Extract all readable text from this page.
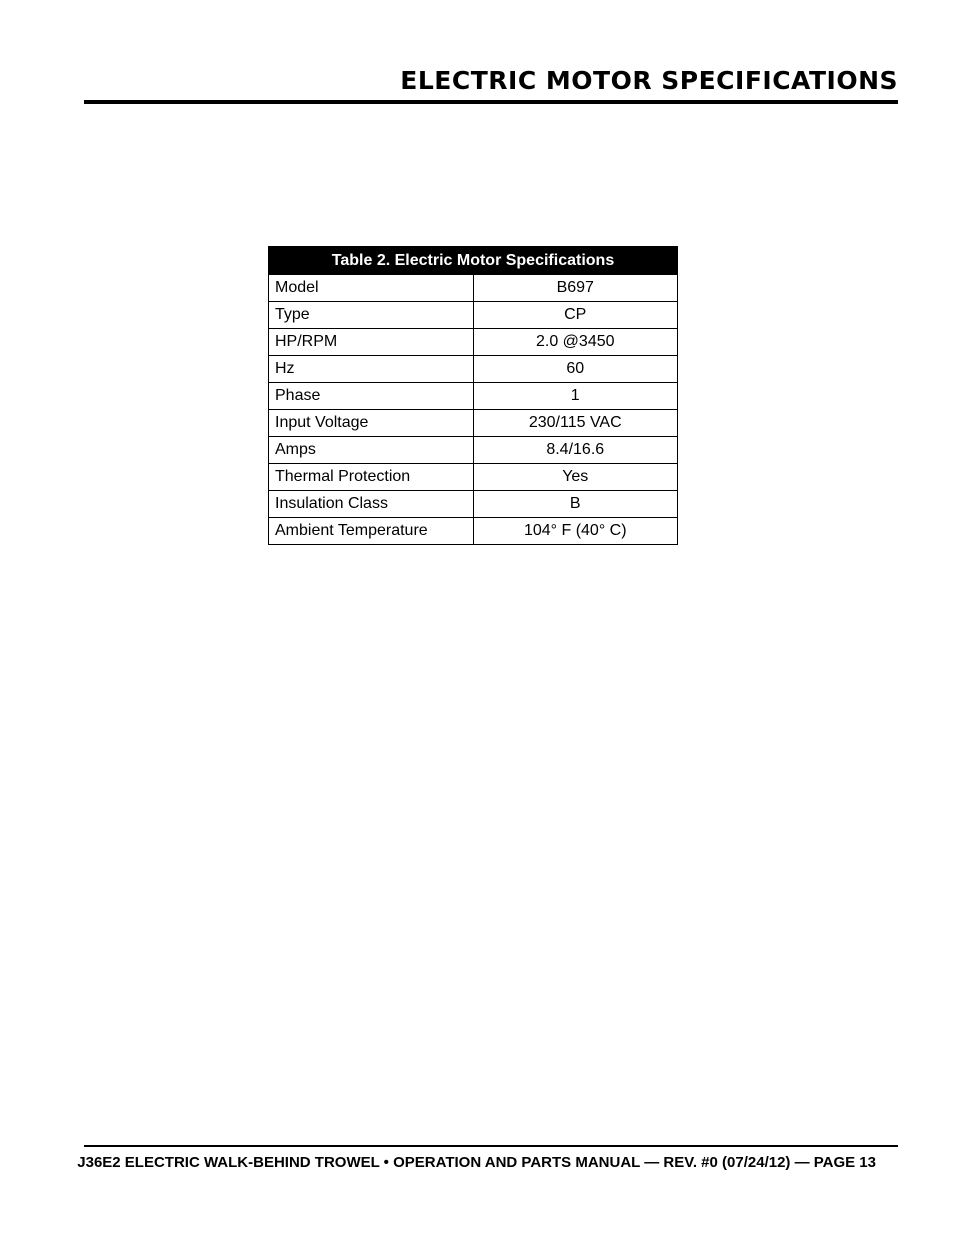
ELECTRIC MOTOR SPECIFICATIONS
Table 2. Electric Motor Specifications	
Model	B697
Type	CP
HP/RPM	2.0 @3450
Hz	60
Phase	1
Input Voltage	230/115 VAC
Amps	8.4/16.6
Thermal Protection	Yes
Insulation Class	B
Ambient Temperature	104° F (40° C)
J36E2 ELECTRIC WALK-BEHIND TROWEL • OPERATION AND PARTS MANUAL — REV. #0 (07/24/12) — PAGE 13
